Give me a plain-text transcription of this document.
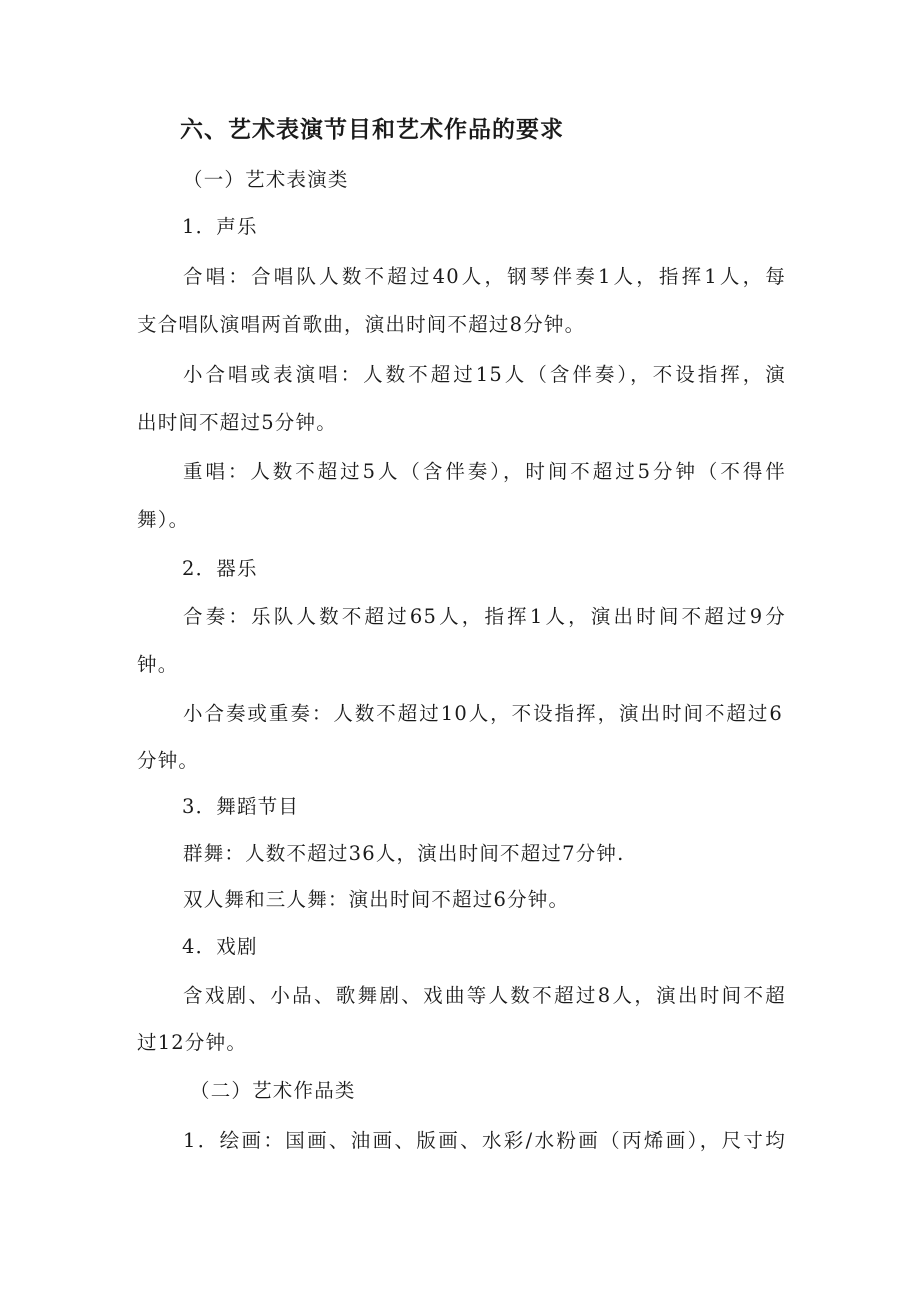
六、艺术表演节目和艺术作品的要求
（一）艺术表演类
1．声乐
合唱：合唱队人数不超过40人，钢琴伴奏1人，指挥1人，每
支合唱队演唱两首歌曲，演出时间不超过8分钟。
小合唱或表演唱：人数不超过15人（含伴奏），不设指挥，演
出时间不超过5分钟。
重唱：人数不超过5人（含伴奏），时间不超过5分钟（不得伴
舞）。
2．器乐
合奏：乐队人数不超过65人，指挥1人，演出时间不超过9分
钟。
小合奏或重奏：人数不超过10人，不设指挥，演出时间不超过6
分钟。
3．舞蹈节目
群舞：人数不超过36人，演出时间不超过7分钟.
双人舞和三人舞：演出时间不超过6分钟。
4．戏剧
含戏剧、小品、歌舞剧、戏曲等人数不超过8人，演出时间不超
过12分钟。
（二）艺术作品类
1．绘画：国画、油画、版画、水彩/水粉画（丙烯画），尺寸均
